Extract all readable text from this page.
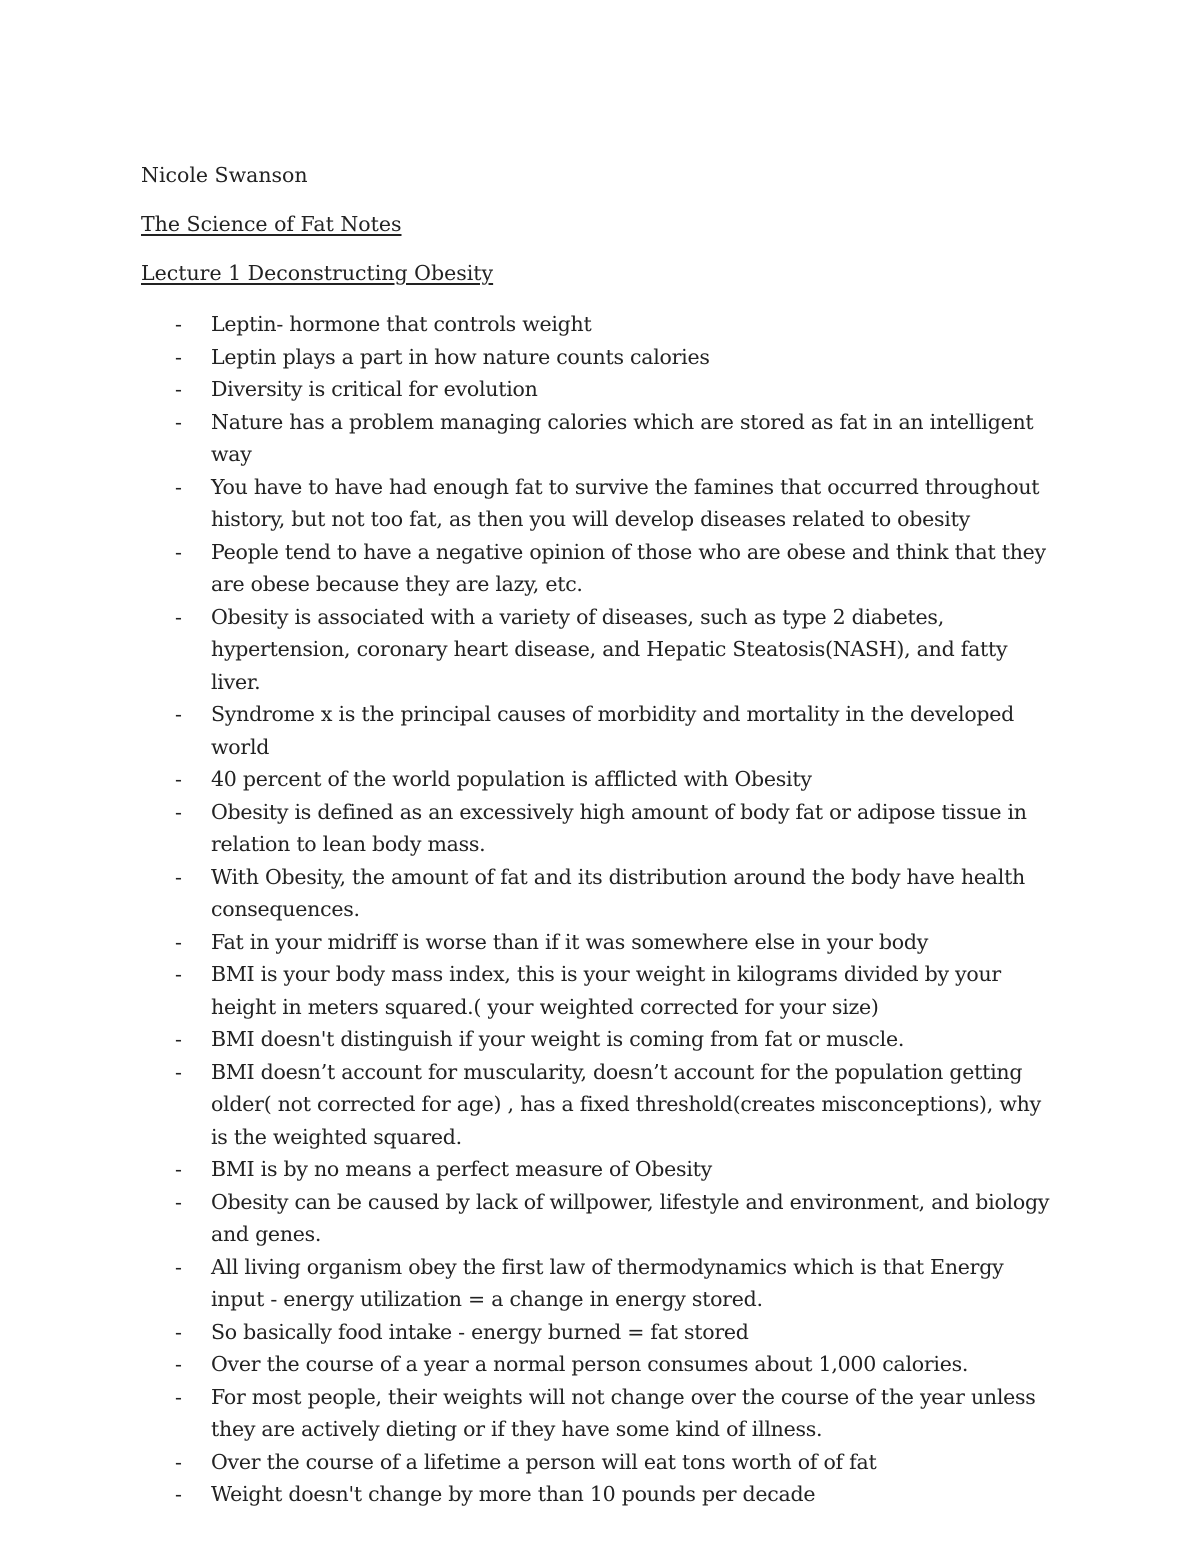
Nicole Swanson

The Science of Fat Notes

Lecture 1 Deconstructing Obesity

- Leptin- hormone that controls weight
- Leptin plays a part in how nature counts calories
- Diversity is critical for evolution
- Nature has a problem managing calories which are stored as fat in an intelligent way
- You have to have had enough fat to survive the famines that occurred throughout history, but not too fat, as then you will develop diseases related to obesity
- People tend to have a negative opinion of those who are obese and think that they are obese because they are lazy, etc.
- Obesity is associated with a variety of diseases, such as type 2 diabetes, hypertension, coronary heart disease, and Hepatic Steatosis(NASH), and fatty liver.
- Syndrome x is the principal causes of morbidity and mortality in the developed world
- 40 percent of the world population is afflicted with Obesity
- Obesity is defined as an excessively high amount of body fat or adipose tissue in relation to lean body mass.
- With Obesity, the amount of fat and its distribution around the body have health consequences.
- Fat in your midriff is worse than if it was somewhere else in your body
- BMI is your body mass index, this is your weight in kilograms divided by your height in meters squared.( your weighted corrected for your size)
- BMI doesn't distinguish if your weight is coming from fat or muscle.
- BMI doesn’t account for muscularity, doesn’t account for the population getting older( not corrected for age) , has a fixed threshold(creates misconceptions), why is the weighted squared.
- BMI is by no means a perfect measure of Obesity
- Obesity can be caused by lack of willpower, lifestyle and environment, and biology and genes.
- All living organism obey the first law of thermodynamics which is that Energy input - energy utilization = a change in energy stored.
- So basically food intake - energy burned = fat stored
- Over the course of a year a normal person consumes about 1,000 calories.
- For most people, their weights will not change over the course of the year unless they are actively dieting or if they have some kind of illness.
- Over the course of a lifetime a person will eat tons worth of of fat
- Weight doesn't change by more than 10 pounds per decade
